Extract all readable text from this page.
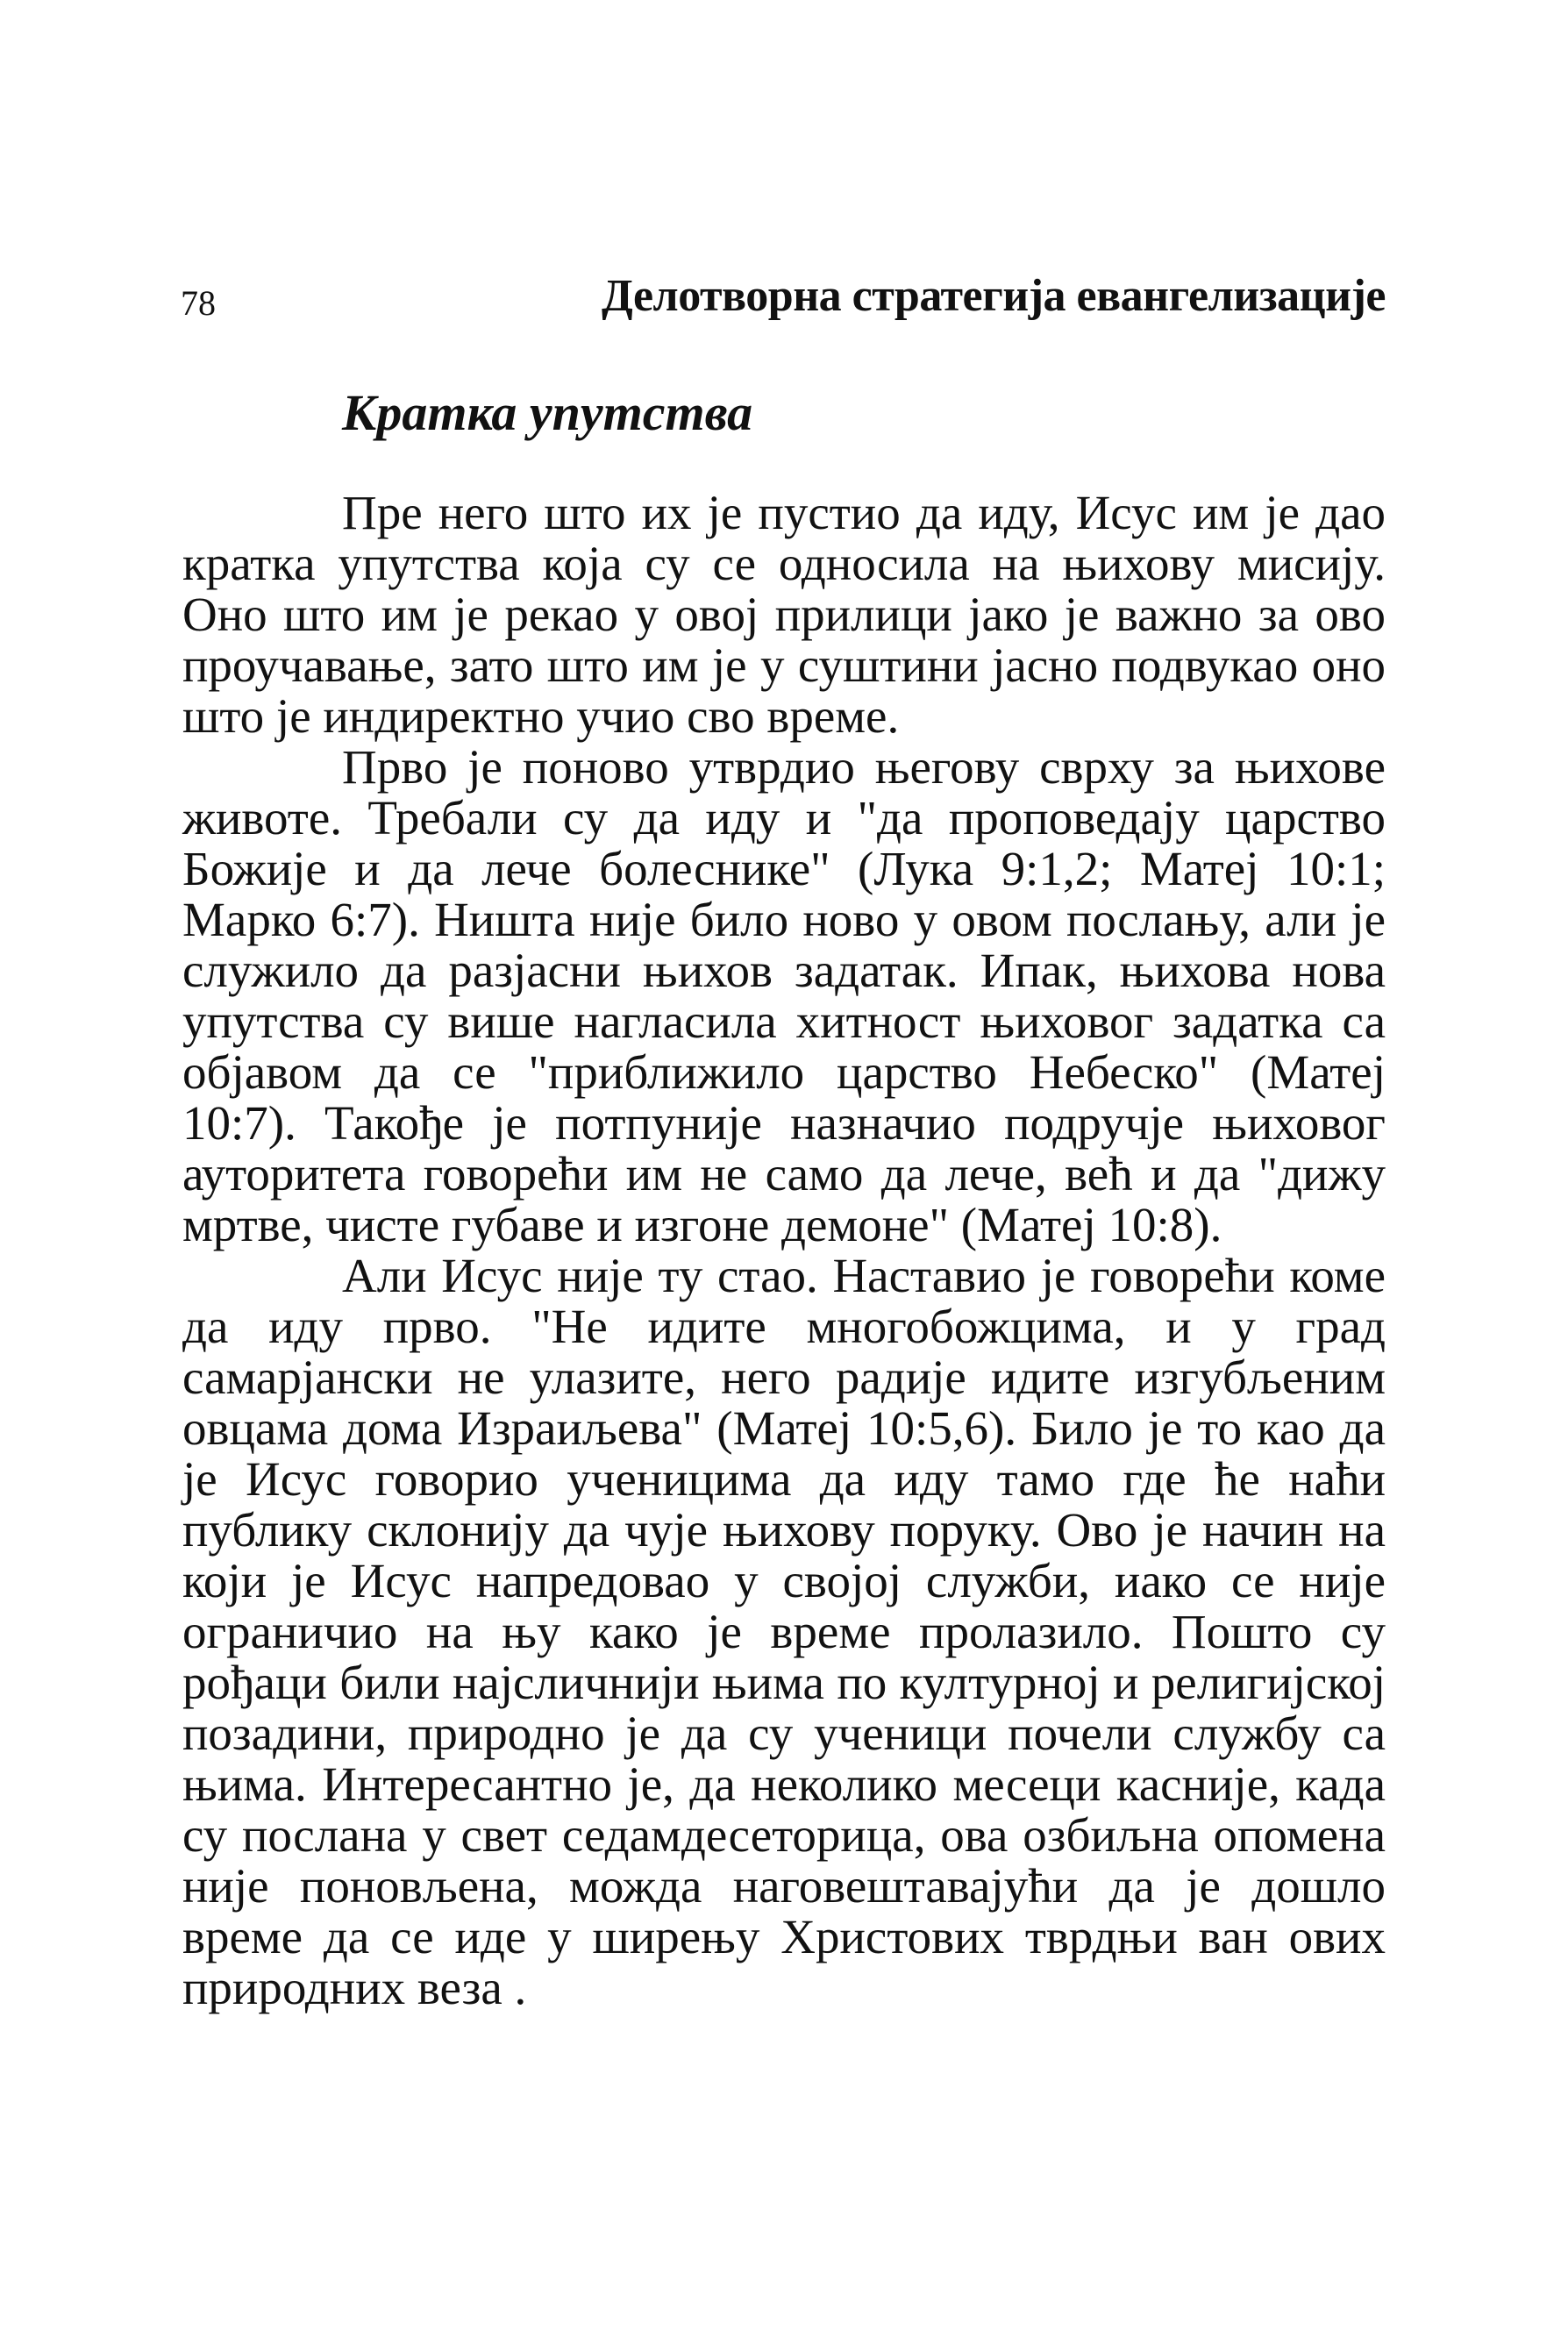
78	Делотворна стратегија евангелизације
Кратка упутства

Пре него што их је пустио да иду, Исус им је дао кратка упутства која су се односила на њихову мисију. Оно што им је рекао у овој прилици јако је важно за ово проучавање, зато што им је у суштини јасно подвукао оно што је индиректно учио сво време.

Прво је поново утврдио његову сврху за њихове животе. Требали су да иду и "да проповедају царство Божије и да лече болеснике" (Лука 9:1,2; Матеј 10:1; Марко 6:7). Ништа није било ново у овом послању, али је служило да разјасни њихов задатак. Ипак, њихова нова упутства су више нагласила хитност њиховог задатка са објавом да се "приближило царство Небеско" (Матеј 10:7). Такође је потпуније назначио подручје њиховог ауторитета говорећи им не само да лече, већ и да "дижу мртве, чисте губаве и изгоне демоне" (Матеј 10:8).

Али Исус није ту стао. Наставио је говорећи коме да иду прво. "Не идите многобожцима, и у град самарјански не улазите, него радије идите изгубљеним овцама дома Израиљева" (Матеј 10:5,6). Било је то као да је Исус говорио ученицима да иду тамо где ће наћи публику склонију да чује њихову поруку. Ово је начин на који је Исус напредовао у својој служби, иако се није ограничио на њу како је време пролазило. Пошто су рођаци били најсличнији њима по културној и религијској позадини, природно је да су ученици почели службу са њима. Интересантно је, да неколико месеци касније, када су послана у свет седамдесеторица, ова озбиљна опомена није поновљена, можда наговештавајући да је дошло време да се иде у ширењу Христових тврдњи ван ових природних веза .
